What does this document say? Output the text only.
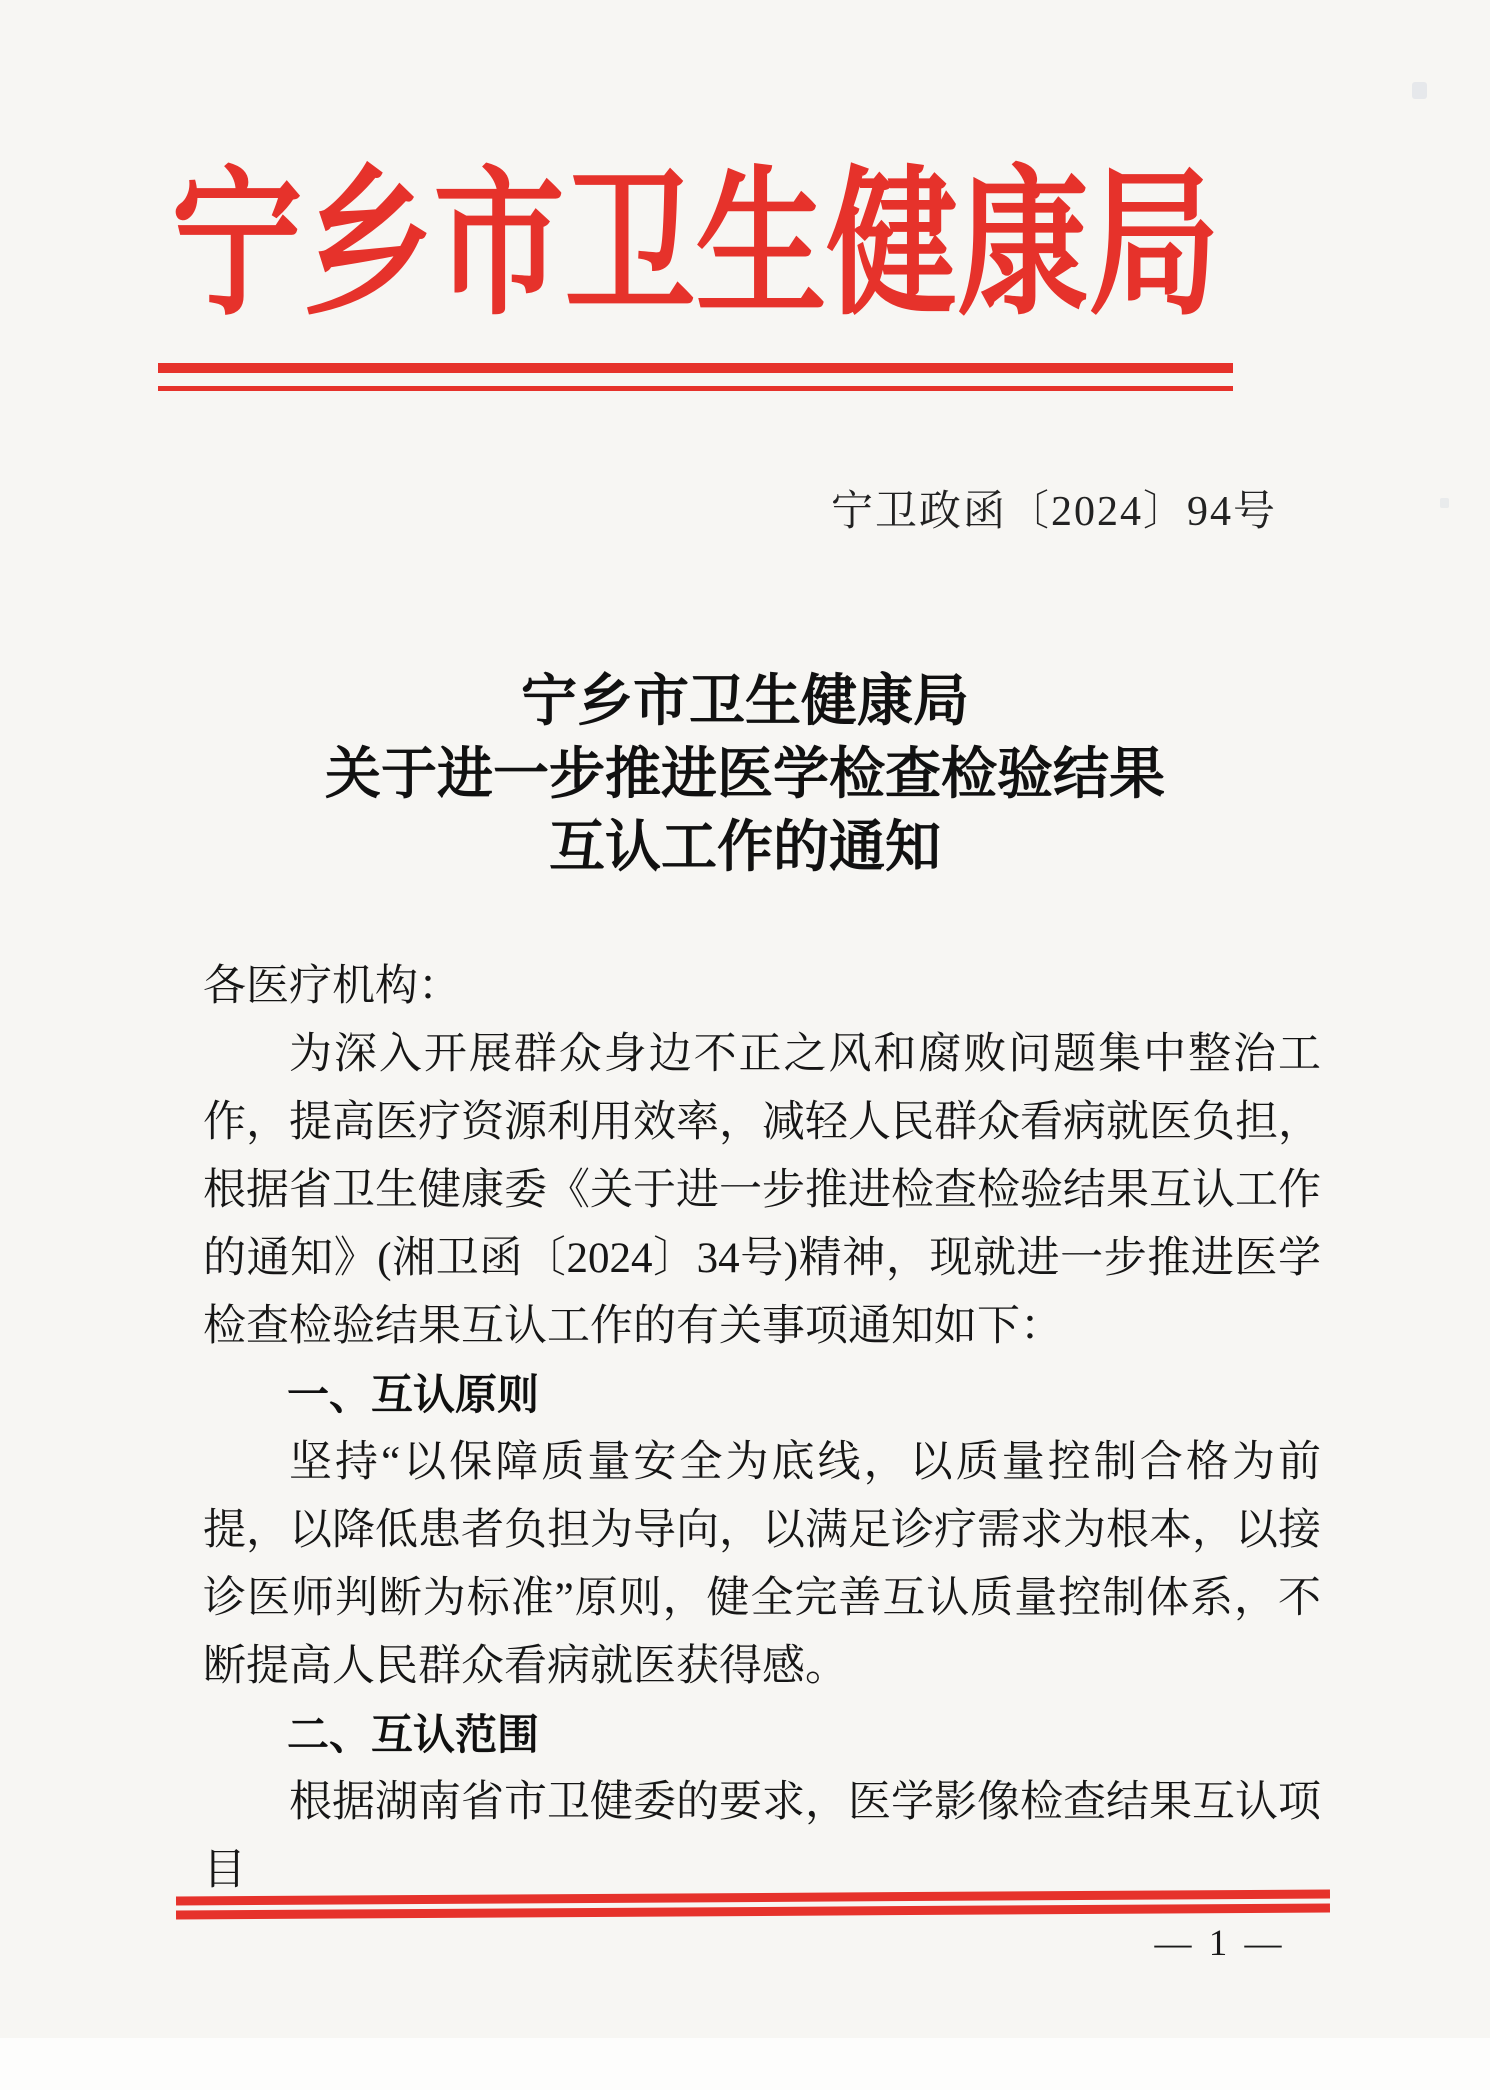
宁乡市卫生健康局
宁卫政函〔2024〕94号
宁乡市卫生健康局
关于进一步推进医学检查检验结果
互认工作的通知

各医疗机构：

为深入开展群众身边不正之风和腐败问题集中整治工作，提高医疗资源利用效率，减轻人民群众看病就医负担，根据省卫生健康委《关于进一步推进检查检验结果互认工作的通知》(湘卫函〔2024〕34号)精神，现就进一步推进医学检查检验结果互认工作的有关事项通知如下：

一、互认原则

坚持“以保障质量安全为底线，以质量控制合格为前提，以降低患者负担为导向，以满足诊疗需求为根本，以接诊医师判断为标准”原则，健全完善互认质量控制体系，不断提高人民群众看病就医获得感。

二、互认范围

根据湖南省市卫健委的要求，医学影像检查结果互认项目

— 1 —
